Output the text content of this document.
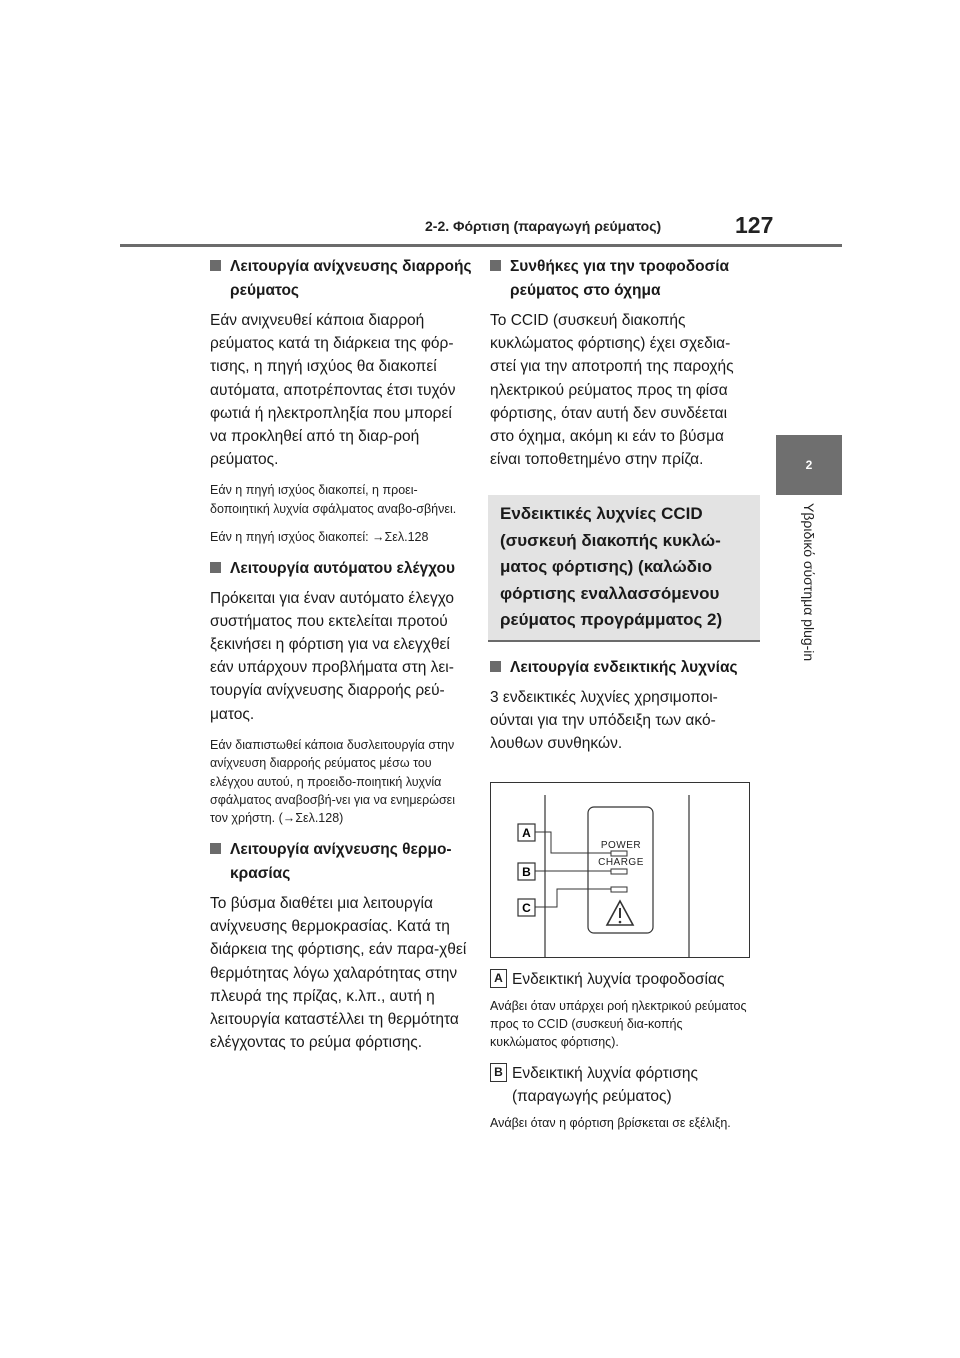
2-2. Φόρτιση (παραγωγή ρεύματος)	127
2
Υβριδικό σύστημα plug-in
Λειτουργία ανίχνευσης διαρροής ρεύματος

Εάν ανιχνευθεί κάποια διαρροή ρεύματος κατά τη διάρκεια της φόρ-τισης, η πηγή ισχύος θα διακοπεί αυτόματα, αποτρέποντας έτσι τυχόν φωτιά ή ηλεκτροπληξία που μπορεί να προκληθεί από τη διαρ-ροή ρεύματος.

Εάν η πηγή ισχύος διακοπεί, η προει-δοποιητική λυχνία σφάλματος αναβο-σβήνει.

Εάν η πηγή ισχύος διακοπεί: →Σελ.128

Λειτουργία αυτόματου ελέγχου

Πρόκειται για έναν αυτόματο έλεγχο συστήματος που εκτελείται προτού ξεκινήσει η φόρτιση για να ελεγχθεί εάν υπάρχουν προβλήματα στη λει-τουργία ανίχνευσης διαρροής ρεύ-ματος.

Εάν διαπιστωθεί κάποια δυσλειτουργία στην ανίχνευση διαρροής ρεύματος μέσω του ελέγχου αυτού, η προειδο-ποιητική λυχνία σφάλματος αναβοσβή-νει για να ενημερώσει τον χρήστη. (→Σελ.128)

Λειτουργία ανίχνευσης θερμο-κρασίας

Το βύσμα διαθέτει μια λειτουργία ανίχνευσης θερμοκρασίας. Κατά τη διάρκεια της φόρτισης, εάν παρα-χθεί θερμότητας λόγω χαλαρότητας στην πλευρά της πρίζας, κ.λπ., αυτή η λειτουργία καταστέλλει τη θερμότητα ελέγχοντας το ρεύμα φόρτισης.

Συνθήκες για την τροφοδοσία ρεύματος στο όχημα

Το CCID (συσκευή διακοπής κυκλώματος φόρτισης) έχει σχεδια-στεί για την αποτροπή της παροχής ηλεκτρικού ρεύματος προς τη φίσα φόρτισης, όταν αυτή δεν συνδέεται στο όχημα, ακόμη κι εάν το βύσμα είναι τοποθετημένο στην πρίζα.

Ενδεικτικές λυχνίες CCID (συσκευή διακοπής κυκλώ-ματος φόρτισης) (καλώδιο φόρτισης εναλλασσόμενου ρεύματος προγράμματος 2)
Λειτουργία ενδεικτικής λυχνίας

3 ενδεικτικές λυχνίες χρησιμοποι-ούνται για την υπόδειξη των ακό-λουθων συνθηκών.

A
B
C
POWER
CHARGE
A Ενδεικτική λυχνία τροφοδοσίας

Ανάβει όταν υπάρχει ροή ηλεκτρικού ρεύματος προς το CCID (συσκευή δια-κοπής κυκλώματος φόρτισης).

B Ενδεικτική λυχνία φόρτισης (παραγωγής ρεύματος)

Ανάβει όταν η φόρτιση βρίσκεται σε εξέλιξη.
